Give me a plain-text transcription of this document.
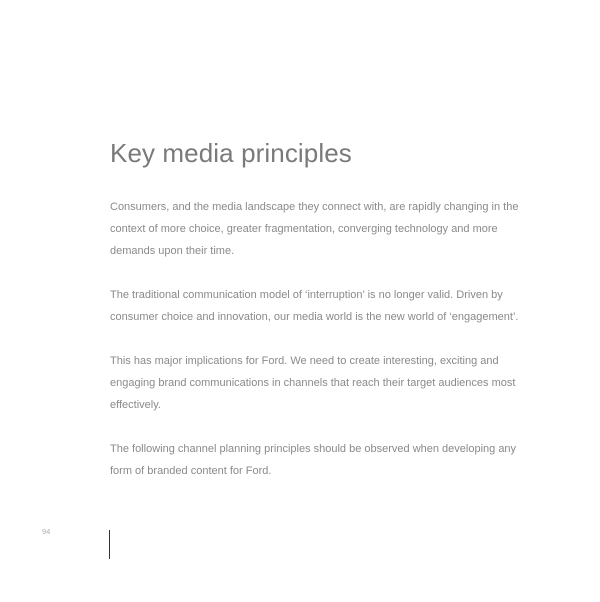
Key media principles

Consumers, and the media landscape they connect with, are rapidly changing in the context of more choice, greater fragmentation, converging technology and more demands upon their time.

The traditional communication model of ‘interruption’ is no longer valid. Driven by consumer choice and innovation, our media world is the new world of ‘engagement’.

This has major implications for Ford. We need to create interesting, exciting and engaging brand communications in channels that reach their target audiences most effectively.

The following channel planning principles should be observed when developing any form of branded content for Ford.

94
